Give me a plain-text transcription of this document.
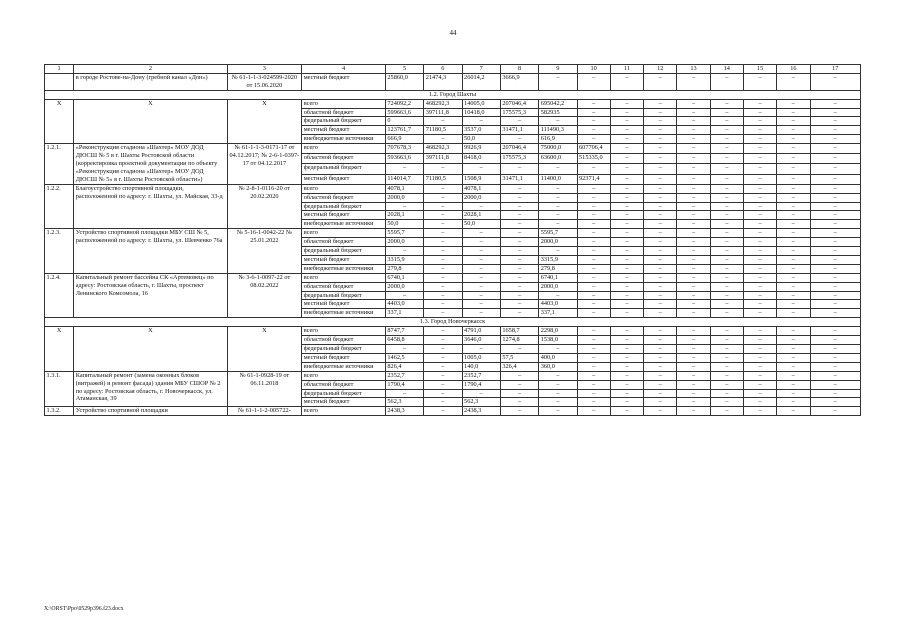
44
1	2	3	4	5	6	7	8	9	10	11	12	13	14	15	16	17
	в городе Ростове-на-Дону (гребной канал «Дон»)	№ 61-1-1-3-024599-2020 от 15.06.2020	местный бюджет	25860,0	21474,3	26014,2	3666,9	–	–	–	–	–	–	–	–	–
1.2. Город Шахты																
Х	Х	Х	всего	724092,2	468292,3	14005,0	207046,4	695042,2	–	–	–	–	–	–	–	–
			областной бюджет	599663,6	397111,8	10418,0	175575,3	582935	–	–	–	–	–	–	–	–
			федеральный бюджет	0	–	–	–	–	–	–	–	–	–	–	–	–
			местный бюджет	123761,7	71180,5	3537,0	31471,1	111490,3	–	–	–	–	–	–	–	–
			внебюджетные источники	666,9	–	50,0	–	616,9	–	–	–	–	–	–	–	–
1.2.1.	«Реконструкция стадиона «Шахтер» МОУ ДОД ДЮСШ № 5 в г. Шахты Ростовской области (корректировка проектной документации по объекту «Реконструкция стадиона «Шахтер» МОУ ДОД ДЮСШ № 5» в г. Шахты Ростовской области»)	№ 61-1-1-3-0171-17 от 04.12.2017; № 2-6-1-0397-17 от 04.12.2017	всего	707678,3	468292,3	9926,9	207046,4	75000,0	607706,4	–	–	–	–	–	–	–
			областной бюджет	593663,6	397111,8	8418,0	175575,3	63600,0	515335,0	–	–	–	–	–	–	–
			федеральный бюджет	–	–	–	–	–	–	–	–	–	–	–	–	–
			местный бюджет	114014,7	71180,5	1508,9	31471,1	11400,0	92371,4	–	–	–	–	–	–	–
1.2.2.	Благоустройство спортивной площадки, расположенной по адресу: г. Шахты, ул. Майская, 33-д	№ 2-8-1-0116-20 от 20.02.2020	всего	4078,1	–	4078,1	–	–	–	–	–	–	–	–	–	–
			областной бюджет	2000,0	–	2000,0	–	–	–	–	–	–	–	–	–	–
			федеральный бюджет	–	–	–	–	–	–	–	–	–	–	–	–	–
			местный бюджет	2028,1	–	2028,1	–	–	–	–	–	–	–	–	–	–
			внебюджетные источники	50,0	–	50,0	–	–	–	–	–	–	–	–	–	–
1.2.3.	Устройство спортивной площадки МБУ СШ № 5, расположенной по адресу: г. Шахты, ул. Шевченко 76а	№ 5-16-1-0042-22 № 25.01.2022	всего	5595,7	–	–	–	5595,7	–	–	–	–	–	–	–	–
			областной бюджет	2000,0	–	–	–	2000,0	–	–	–	–	–	–	–	–
			федеральный бюджет	–	–	–	–	–	–	–	–	–	–	–	–	–
			местный бюджет	3315,9	–	–	–	3315,9	–	–	–	–	–	–	–	–
			внебюджетные источники	279,8	–	–	–	279,8	–	–	–	–	–	–	–	–
1.2.4.	Капитальный ремонт бассейна СК «Артемовец» по адресу: Ростовская область, г. Шахты, проспект Ленинского Комсомола, 16	№ 3-6-1-0097-22 от 08.02.2022	всего	6740,1	–	–	–	6740,1	–	–	–	–	–	–	–	–
			областной бюджет	2000,0	–	–	–	2000,0	–	–	–	–	–	–	–	–
			федеральный бюджет	–	–	–	–	–	–	–	–	–	–	–	–	–
			местный бюджет	4403,0	–	–	–	4403,0	–	–	–	–	–	–	–	–
			внебюджетные источники	337,1	–	–	–	337,1	–	–	–	–	–	–	–	–
1.3. Город Новочеркасск																
Х	Х	Х	всего	8747,7	–	4791,0	1658,7	2298,0	–	–	–	–	–	–	–	–
			областной бюджет	6458,8	–	3646,0	1274,8	1538,0	–	–	–	–	–	–	–	–
			федеральный бюджет	–	–	–	–	–	–	–	–	–	–	–	–	–
			местный бюджет	1462,5	–	1005,0	57,5	400,0	–	–	–	–	–	–	–	–
			внебюджетные источники	826,4	–	140,0	326,4	360,0	–	–	–	–	–	–	–	–
1.3.1.	Капитальный ремонт (замена оконных блоков (витражей) и ремонт фасада) здания МБУ СШОР № 2 по адресу: Ростовская область, г. Новочеркасск, ул. Атаманская, 39	№ 61-1-0928-19 от 06.11.2018	всего	2352,7	–	2352,7	–	–	–	–	–	–	–	–	–	–
			областной бюджет	1790,4	–	1790,4	–	–	–	–	–	–	–	–	–	–
			федеральный бюджет	–	–	–	–	–	–	–	–	–	–	–	–	–
			местный бюджет	562,3	–	562,3	–	–	–	–	–	–	–	–	–	–
1.3.2.	Устройство спортивной площадки	№ 61-1-1-2-005722-	всего	2438,3	–	2438,3	–	–	–	–	–	–	–	–	–	–
X:\ORST\Ppo\0529p396.f23.docx
